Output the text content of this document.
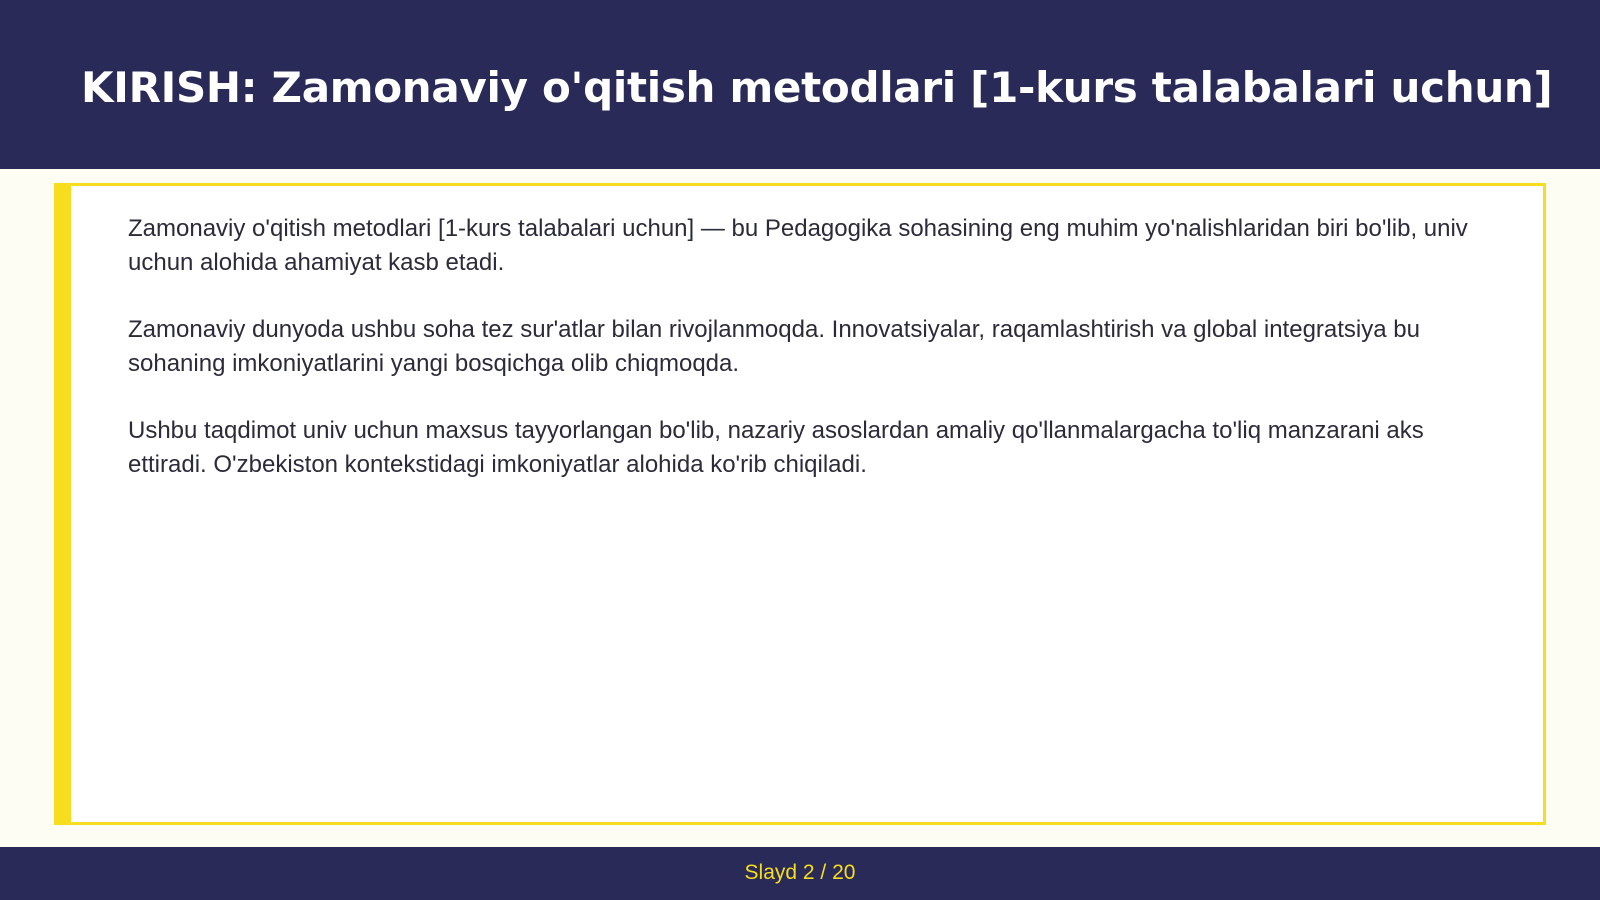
KIRISH: Zamonaviy o'qitish metodlari [1-kurs talabalari uchun]

Zamonaviy o'qitish metodlari [1-kurs talabalari uchun] — bu Pedagogika sohasining eng muhim yo'nalishlaridan biri bo'lib, univ uchun alohida ahamiyat kasb etadi.

Zamonaviy dunyoda ushbu soha tez sur'atlar bilan rivojlanmoqda. Innovatsiyalar, raqamlashtirish va global integratsiya bu sohaning imkoniyatlarini yangi bosqichga olib chiqmoqda.

Ushbu taqdimot univ uchun maxsus tayyorlangan bo'lib, nazariy asoslardan amaliy qo'llanmalargacha to'liq manzarani aks ettiradi. O'zbekiston kontekstidagi imkoniyatlar alohida ko'rib chiqiladi.

Slayd 2 / 20
